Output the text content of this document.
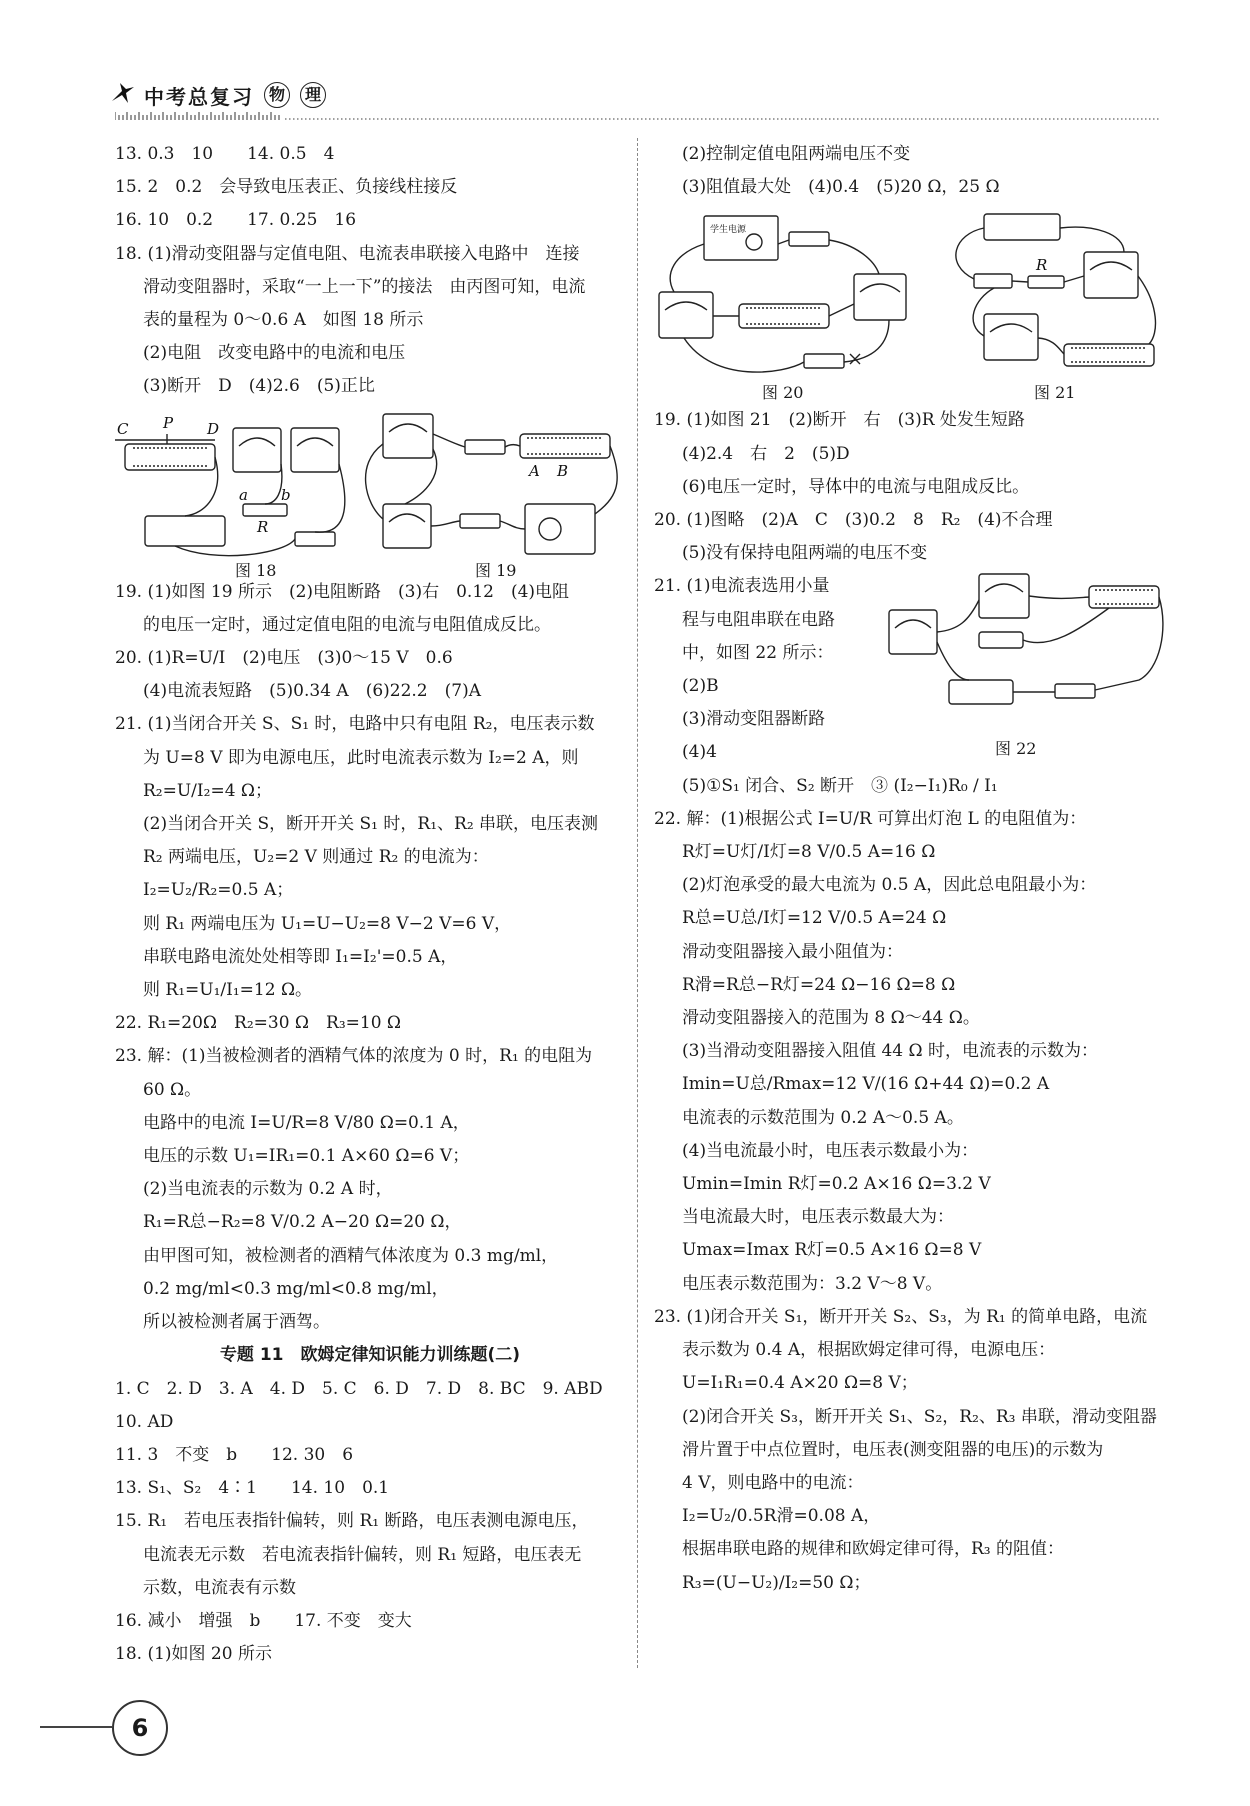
中考总复习 物	理
13. 0.3　10　　14. 0.5　4
15. 2　0.2　会导致电压表正、负接线柱接反
16. 10　0.2　　17. 0.25　16
18. (1)滑动变阻器与定值电阻、电流表串联接入电路中　连接
滑动变阻器时，采取“一上一下”的接法　由丙图可知，电流
表的量程为 0～0.6 A　如图 18 所示
(2)电阻　改变电路中的电流和电压
(3)断开　D　(4)2.6　(5)正比
C P D
a b
R
A B
图 18	图 19
19. (1)如图 19 所示　(2)电阻断路　(3)右　0.12　(4)电阻
的电压一定时，通过定值电阻的电流与电阻值成反比。
20. (1)R=U/I　(2)电压　(3)0～15 V　0.6
(4)电流表短路　(5)0.34 A　(6)22.2　(7)A
21. (1)当闭合开关 S、S₁ 时，电路中只有电阻 R₂，电压表示数
为 U=8 V 即为电源电压，此时电流表示数为 I₂=2 A，则
R₂=U/I₂=4 Ω；
(2)当闭合开关 S，断开开关 S₁ 时，R₁、R₂ 串联，电压表测
R₂ 两端电压，U₂=2 V 则通过 R₂ 的电流为：
I₂=U₂/R₂=0.5 A；
则 R₁ 两端电压为 U₁=U−U₂=8 V−2 V=6 V，
串联电路电流处处相等即 I₁=I₂'=0.5 A，
则 R₁=U₁/I₁=12 Ω。
22. R₁=20Ω　R₂=30 Ω　R₃=10 Ω
23. 解：(1)当被检测者的酒精气体的浓度为 0 时，R₁ 的电阻为
60 Ω。
电路中的电流 I=U/R=8 V/80 Ω=0.1 A，
电压的示数 U₁=IR₁=0.1 A×60 Ω=6 V；
(2)当电流表的示数为 0.2 A 时，
R₁=R总−R₂=8 V/0.2 A−20 Ω=20 Ω，
由甲图可知，被检测者的酒精气体浓度为 0.3 mg/ml，
0.2 mg/ml<0.3 mg/ml<0.8 mg/ml，
所以被检测者属于酒驾。
专题 11　欧姆定律知识能力训练题(二)
1. C　2. D　3. A　4. D　5. C　6. D　7. D　8. BC　9. ABD
10. AD
11. 3　不变　b　　12. 30　6
13. S₁、S₂　4∶1　　14. 10　0.1
15. R₁　若电压表指针偏转，则 R₁ 断路，电压表测电源电压，
电流表无示数　若电流表指针偏转，则 R₁ 短路，电压表无
示数，电流表有示数
16. 减小　增强　b　　17. 不变　变大
18. (1)如图 20 所示
(2)控制定值电阻两端电压不变
(3)阻值最大处　(4)0.4　(5)20 Ω，25 Ω
学生电源
R
图 20	图 21
19. (1)如图 21　(2)断开　右　(3)R 处发生短路
(4)2.4　右　2　(5)D
(6)电压一定时，导体中的电流与电阻成反比。
20. (1)图略　(2)A　C　(3)0.2　8　R₂　(4)不合理
(5)没有保持电阻两端的电压不变
21. (1)电流表选用小量
程与电阻串联在电路
中，如图 22 所示：
(2)B
(3)滑动变阻器断路
(4)4
(5)①S₁ 闭合、S₂ 断开　③ (I₂−I₁)R₀ / I₁
图 22
22. 解：(1)根据公式 I=U/R 可算出灯泡 L 的电阻值为：
R灯=U灯/I灯=8 V/0.5 A=16 Ω
(2)灯泡承受的最大电流为 0.5 A，因此总电阻最小为：
R总=U总/I灯=12 V/0.5 A=24 Ω
滑动变阻器接入最小阻值为：
R滑=R总−R灯=24 Ω−16 Ω=8 Ω
滑动变阻器接入的范围为 8 Ω～44 Ω。
(3)当滑动变阻器接入阻值 44 Ω 时，电流表的示数为：
Imin=U总/Rmax=12 V/(16 Ω+44 Ω)=0.2 A
电流表的示数范围为 0.2 A～0.5 A。
(4)当电流最小时，电压表示数最小为：
Umin=Imin R灯=0.2 A×16 Ω=3.2 V
当电流最大时，电压表示数最大为：
Umax=Imax R灯=0.5 A×16 Ω=8 V
电压表示数范围为：3.2 V～8 V。
23. (1)闭合开关 S₁，断开开关 S₂、S₃，为 R₁ 的简单电路，电流
表示数为 0.4 A，根据欧姆定律可得，电源电压：
U=I₁R₁=0.4 A×20 Ω=8 V；
(2)闭合开关 S₃，断开开关 S₁、S₂，R₂、R₃ 串联，滑动变阻器
滑片置于中点位置时，电压表(测变阻器的电压)的示数为
4 V，则电路中的电流：
I₂=U₂/0.5R滑=0.08 A，
根据串联电路的规律和欧姆定律可得，R₃ 的阻值：
R₃=(U−U₂)/I₂=50 Ω；
6
